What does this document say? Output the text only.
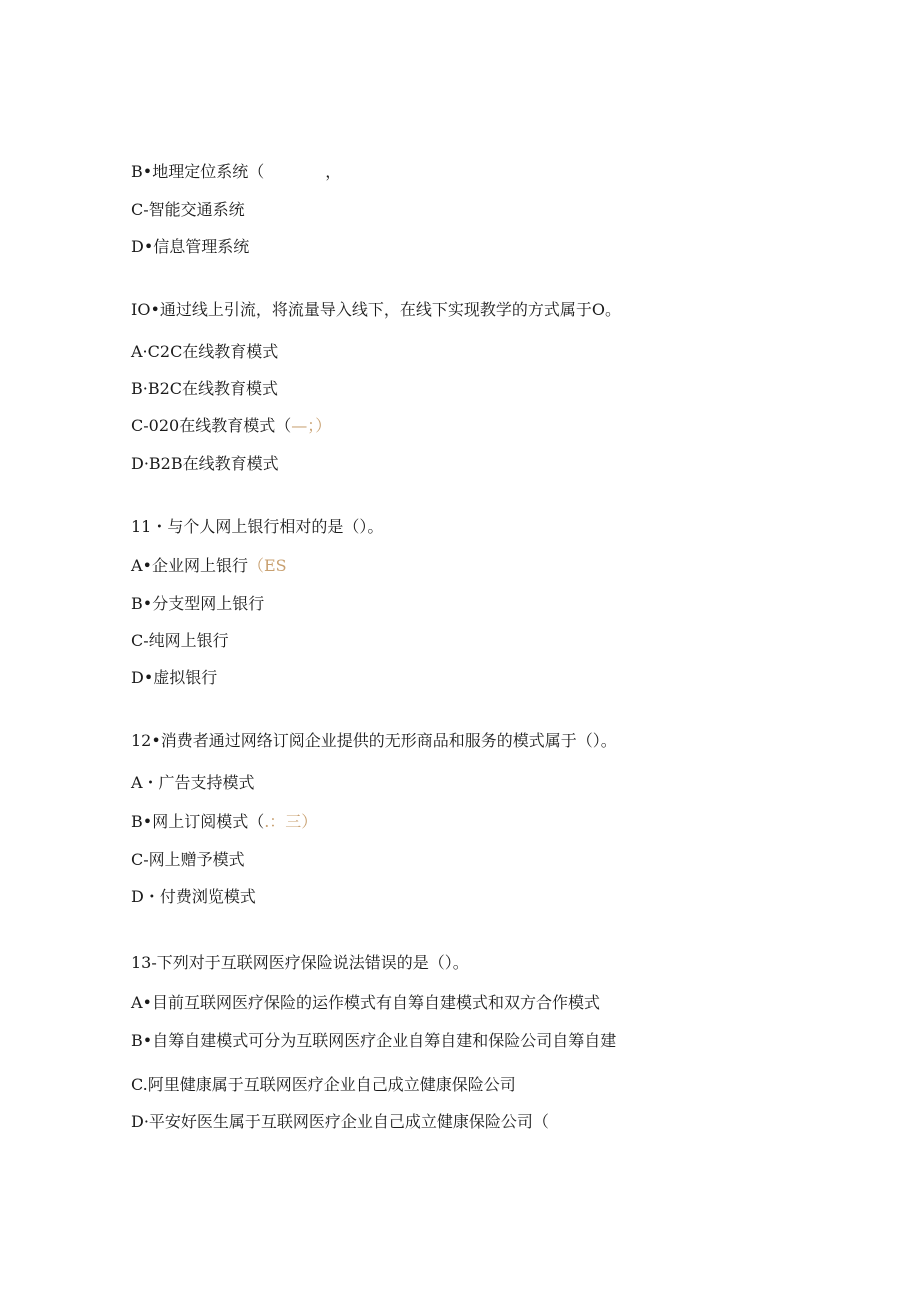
B•地理定位系统（            ，
C-智能交通系统
D•信息管理系统
IO•通过线上引流，将流量导入线下，在线下实现教学的方式属于O。
A·C2C在线教育模式
B·B2C在线教育模式
C-020在线教育模式（—；）
D·B2B在线教育模式
11・与个人网上银行相对的是（）。
A•企业网上银行（ES
B•分支型网上银行
C-纯网上银行
D•虚拟银行
12•消费者通过网络订阅企业提供的无形商品和服务的模式属于（）。
A・广告支持模式
B•网上订阅模式（.：三）
C-网上赠予模式
D・付费浏览模式
13-下列对于互联网医疗保险说法错误的是（）。
A•目前互联网医疗保险的运作模式有自筹自建模式和双方合作模式
B•自筹自建模式可分为互联网医疗企业自筹自建和保险公司自筹自建
C.阿里健康属于互联网医疗企业自己成立健康保险公司
D·平安好医生属于互联网医疗企业自己成立健康保险公司（
